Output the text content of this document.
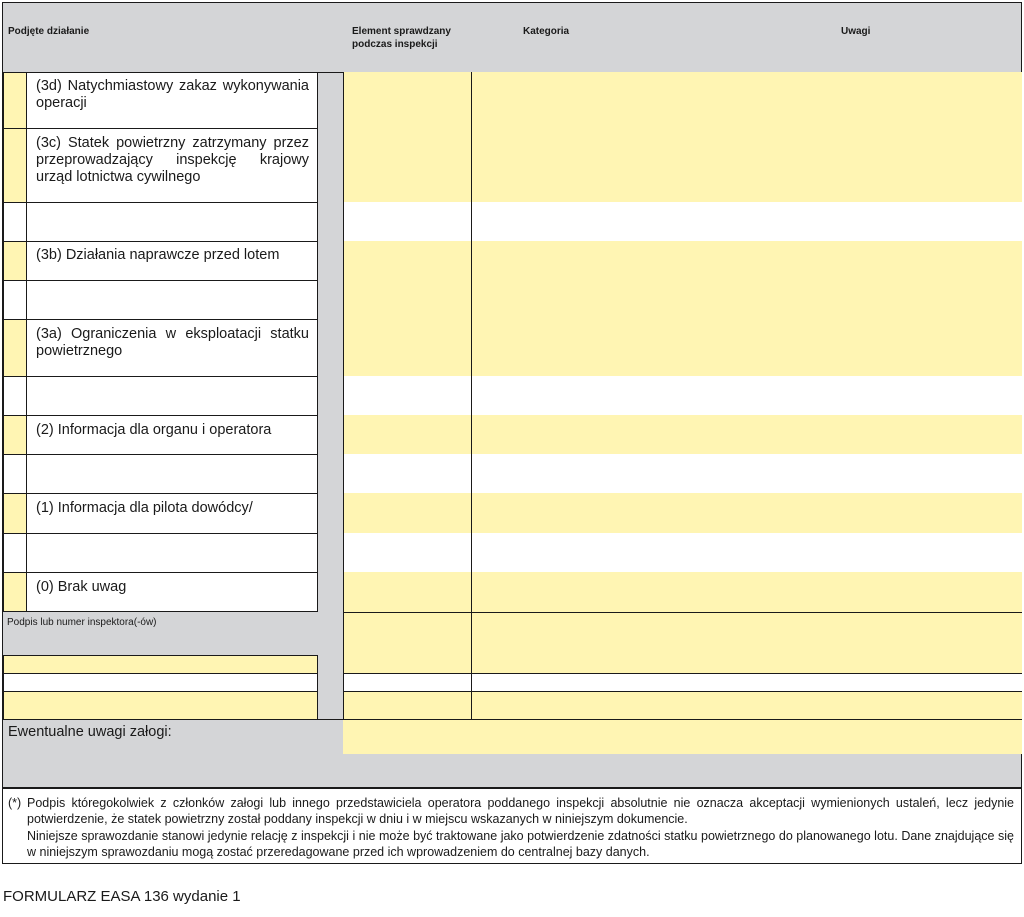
Podjęte działanie	Element sprawdzany podczas inspekcji
Kategoria	Uwagi
(3d) Natychmiastowy zakaz wykonywania operacji
(3c) Statek powietrzny zatrzymany przez przeprowadzający inspekcję krajowy urząd lotnictwa cywilnego
(3b) Działania naprawcze przed lotem
(3a) Ograniczenia w eksploatacji statku powietrznego
(2) Informacja dla organu i operatora
(1) Informacja dla pilota dowódcy/
(0) Brak uwag
Podpis lub numer inspektora(-ów)
Ewentualne uwagi załogi:
(*) Podpis któregokolwiek z członków załogi lub innego przedstawiciela operatora poddanego inspekcji absolutnie nie oznacza akceptacji wymienionych ustaleń, lecz jedynie potwierdzenie, że statek powietrzny został poddany inspekcji w dniu i w miejscu wskazanych w niniejszym dokumencie.
Niniejsze sprawozdanie stanowi jedynie relację z inspekcji i nie może być traktowane jako potwierdzenie zdatności statku powietrznego do planowanego lotu. Dane znajdujące się w niniejszym sprawozdaniu mogą zostać przeredagowane przed ich wprowadzeniem do centralnej bazy danych.
FORMULARZ EASA 136 wydanie 1
